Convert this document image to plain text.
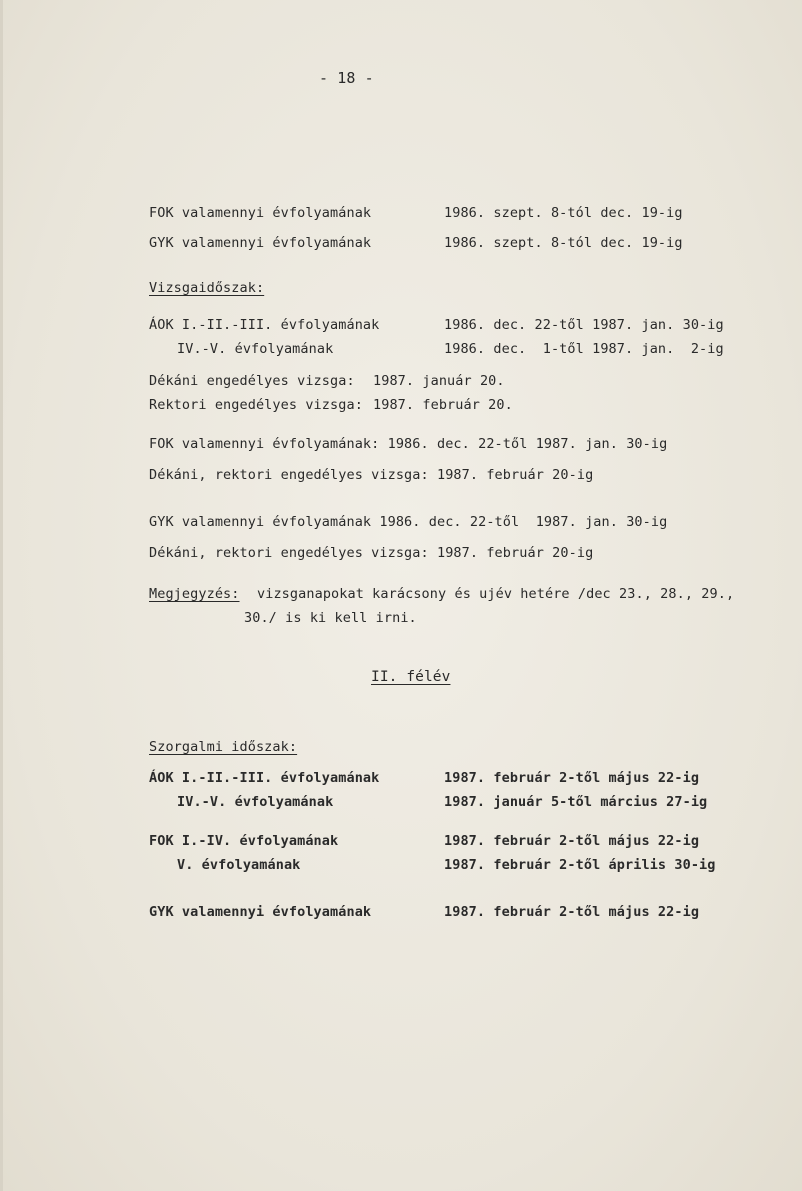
- 18 -
FOK valamennyi évfolyamának	1986. szept. 8-tól dec. 19-ig
GYK valamennyi évfolyamának	1986. szept. 8-tól dec. 19-ig
Vizsgaidőszak:
ÁOK I.-II.-III. évfolyamának	1986. dec. 22-től 1987. jan. 30-ig
IV.-V. évfolyamának	1986. dec.  1-től 1987. jan.  2-ig
Dékáni engedélyes vizsga: 1987. január 20.
Rektori engedélyes vizsga: 1987. február 20.
FOK valamennyi évfolyamának: 1986. dec. 22-től 1987. jan. 30-ig
Dékáni, rektori engedélyes vizsga: 1987. február 20-ig
GYK valamennyi évfolyamának 1986. dec. 22-től  1987. jan. 30-ig
Dékáni, rektori engedélyes vizsga: 1987. február 20-ig
Megjegyzés: vizsganapokat karácsony és ujév hetére /dec 23., 28., 29.,
30./ is ki kell irni.
II. félév
Szorgalmi időszak:
ÁOK I.-II.-III. évfolyamának	1987. február 2-től május 22-ig
IV.-V. évfolyamának	1987. január 5-től március 27-ig
FOK I.-IV. évfolyamának	1987. február 2-től május 22-ig
V. évfolyamának	1987. február 2-től április 30-ig
GYK valamennyi évfolyamának	1987. február 2-től május 22-ig
